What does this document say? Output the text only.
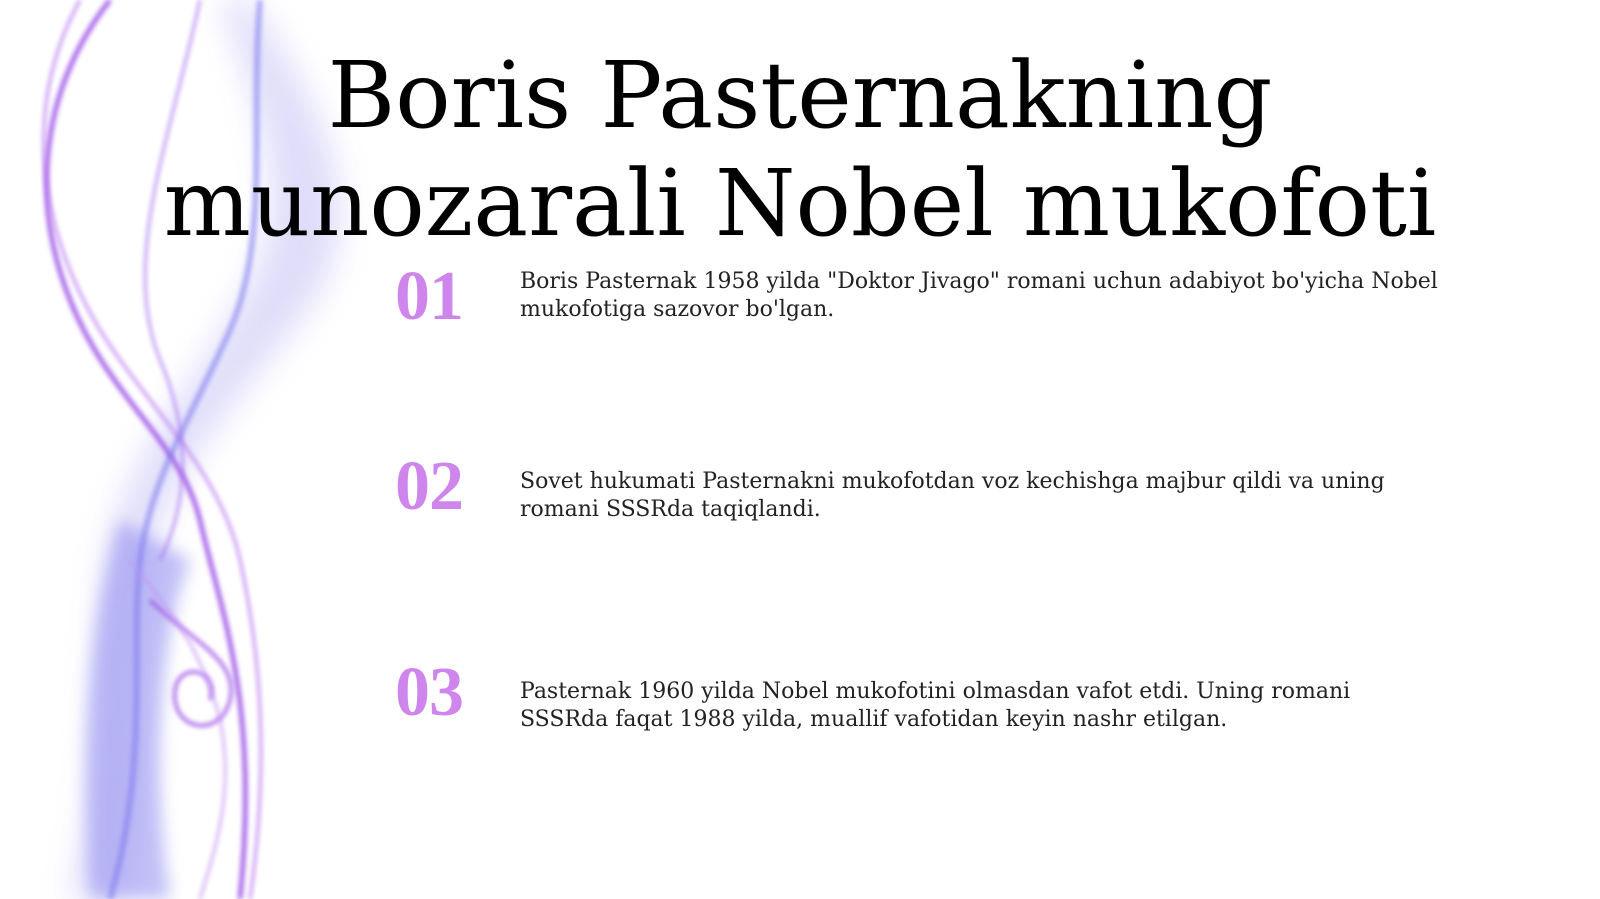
Boris Pasternakning munozarali Nobel mukofoti
01	Boris Pasternak 1958 yilda "Doktor Jivago" romani uchun adabiyot bo'yicha Nobel mukofotiga sazovor bo'lgan.
02	Sovet hukumati Pasternakni mukofotdan voz kechishga majbur qildi va uning romani SSSRda taqiqlandi.
03	Pasternak 1960 yilda Nobel mukofotini olmasdan vafot etdi. Uning romani SSSRda faqat 1988 yilda, muallif vafotidan keyin nashr etilgan.
